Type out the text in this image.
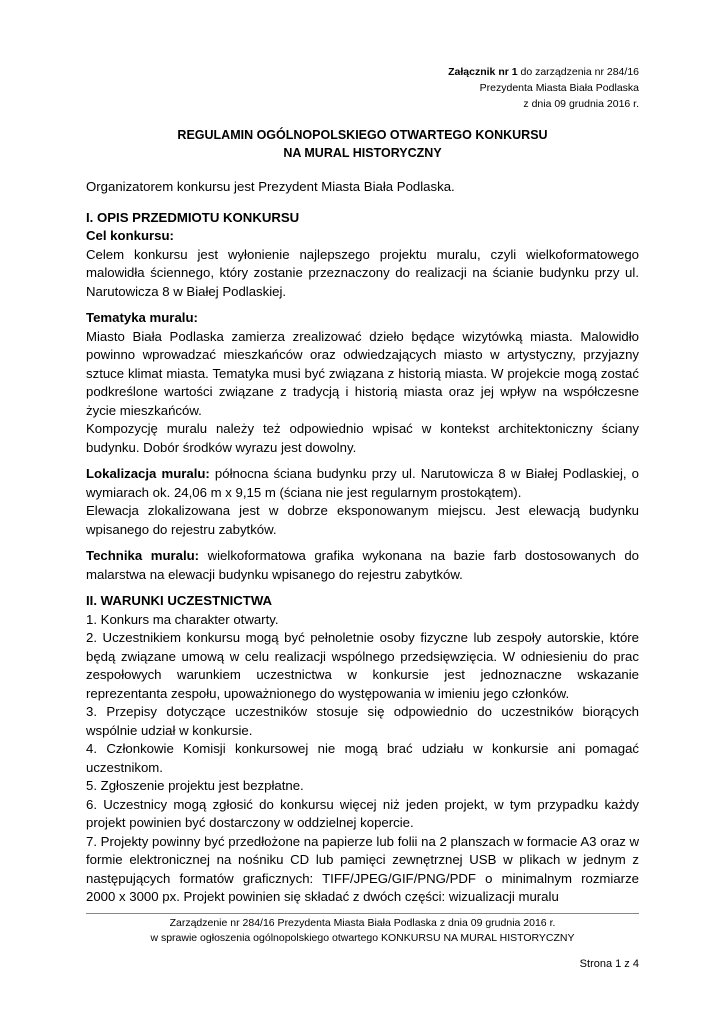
Załącznik nr 1 do zarządzenia nr 284/16
Prezydenta Miasta Biała Podlaska
z dnia 09 grudnia 2016 r.
REGULAMIN OGÓLNOPOLSKIEGO OTWARTEGO KONKURSU
NA MURAL HISTORYCZNY

Organizatorem konkursu jest Prezydent Miasta Biała Podlaska.

I. OPIS PRZEDMIOTU KONKURSU

Cel konkursu:

Celem konkursu jest wyłonienie najlepszego projektu muralu, czyli wielkoformatowego malowidła ściennego, który zostanie przeznaczony do realizacji na ścianie budynku przy ul. Narutowicza 8 w Białej Podlaskiej.

Tematyka muralu:

Miasto Biała Podlaska zamierza zrealizować dzieło będące wizytówką miasta. Malowidło powinno wprowadzać mieszkańców oraz odwiedzających miasto w artystyczny, przyjazny sztuce klimat miasta. Tematyka musi być związana z historią miasta. W projekcie mogą zostać podkreślone wartości związane z tradycją i historią miasta oraz jej wpływ na współczesne życie mieszkańców.

Kompozycję muralu należy też odpowiednio wpisać w kontekst architektoniczny ściany budynku. Dobór środków wyrazu jest dowolny.

Lokalizacja muralu: północna ściana budynku przy ul. Narutowicza 8 w Białej Podlaskiej, o wymiarach ok. 24,06 m x 9,15 m (ściana nie jest regularnym prostokątem).

Elewacja zlokalizowana jest w dobrze eksponowanym miejscu. Jest elewacją budynku wpisanego do rejestru zabytków.

Technika muralu: wielkoformatowa grafika wykonana na bazie farb dostosowanych do malarstwa na elewacji budynku wpisanego do rejestru zabytków.

II. WARUNKI UCZESTNICTWA

1. Konkurs ma charakter otwarty.

2. Uczestnikiem konkursu mogą być pełnoletnie osoby fizyczne lub zespoły autorskie, które będą związane umową w celu realizacji wspólnego przedsięwzięcia. W odniesieniu do prac zespołowych warunkiem uczestnictwa w konkursie jest jednoznaczne wskazanie reprezentanta zespołu, upoważnionego do występowania w imieniu jego członków.

3. Przepisy dotyczące uczestników stosuje się odpowiednio do uczestników biorących wspólnie udział w konkursie.

4. Członkowie Komisji konkursowej nie mogą brać udziału w konkursie ani pomagać uczestnikom.

5. Zgłoszenie projektu jest bezpłatne.

6. Uczestnicy mogą zgłosić do konkursu więcej niż jeden projekt, w tym przypadku każdy projekt powinien być dostarczony w oddzielnej kopercie.

7. Projekty powinny być przedłożone na papierze lub folii na 2 planszach w formacie A3 oraz w formie elektronicznej na nośniku CD lub pamięci zewnętrznej USB w plikach w jednym z następujących formatów graficznych: TIFF/JPEG/GIF/PNG/PDF o minimalnym rozmiarze 2000 x 3000 px. Projekt powinien się składać z dwóch części: wizualizacji muralu

Zarządzenie nr 284/16 Prezydenta Miasta Biała Podlaska z dnia 09 grudnia 2016 r.
w sprawie ogłoszenia ogólnopolskiego otwartego KONKURSU NA MURAL HISTORYCZNY
Strona 1 z 4
